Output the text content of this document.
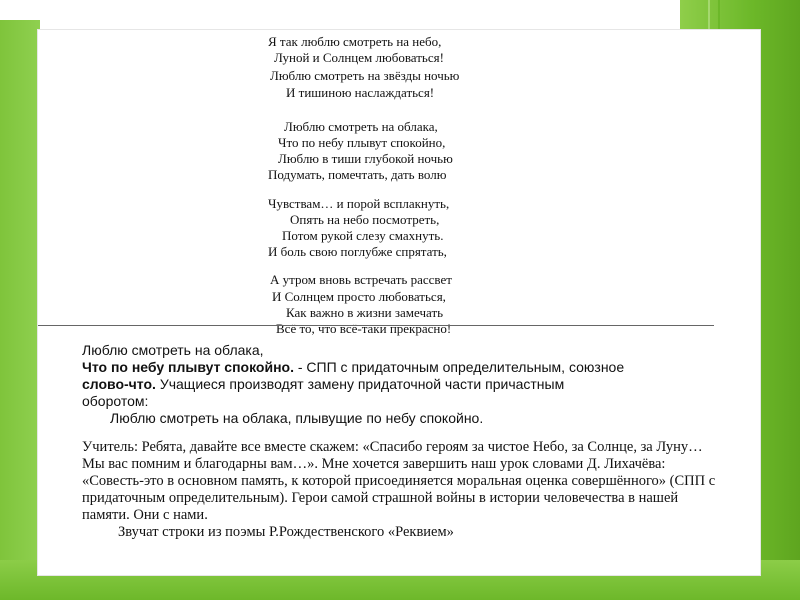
Я так люблю смотреть на небо,
Луной и Солнцем любоваться!
Люблю смотреть на звёзды ночью
И тишиною наслаждаться!
Люблю смотреть на облака,
Что по небу плывут спокойно,
Люблю в тиши глубокой ночью
Подумать, помечтать, дать волю
Чувствам… и порой всплакнуть,
Опять на небо посмотреть,
Потом рукой слезу смахнуть.
И боль свою поглубже спрятать,
А утром вновь встречать рассвет
И Солнцем просто любоваться,
Как важно в жизни замечать
Всё то, что всё-таки прекрасно!
Люблю смотреть на облака,
Что по небу плывут спокойно. - СПП с придаточным определительным, союзное
слово-что. Учащиеся производят замену придаточной части причастным
оборотом:
Люблю смотреть на облака, плывущие по небу спокойно.
Учитель: Ребята, давайте все вместе скажем: «Спасибо героям за чистое Небо, за Солнце, за Луну… Мы вас помним и благодарны вам…». Мне хочется завершить наш урок словами Д. Лихачёва: «Совесть-это в основном память, к которой присоединяется моральная оценка совершённого» (СПП с придаточным определительным). Герои самой страшной войны в истории человечества в нашей памяти. Они с нами.
Звучат строки из поэмы Р.Рождественского «Реквием»
